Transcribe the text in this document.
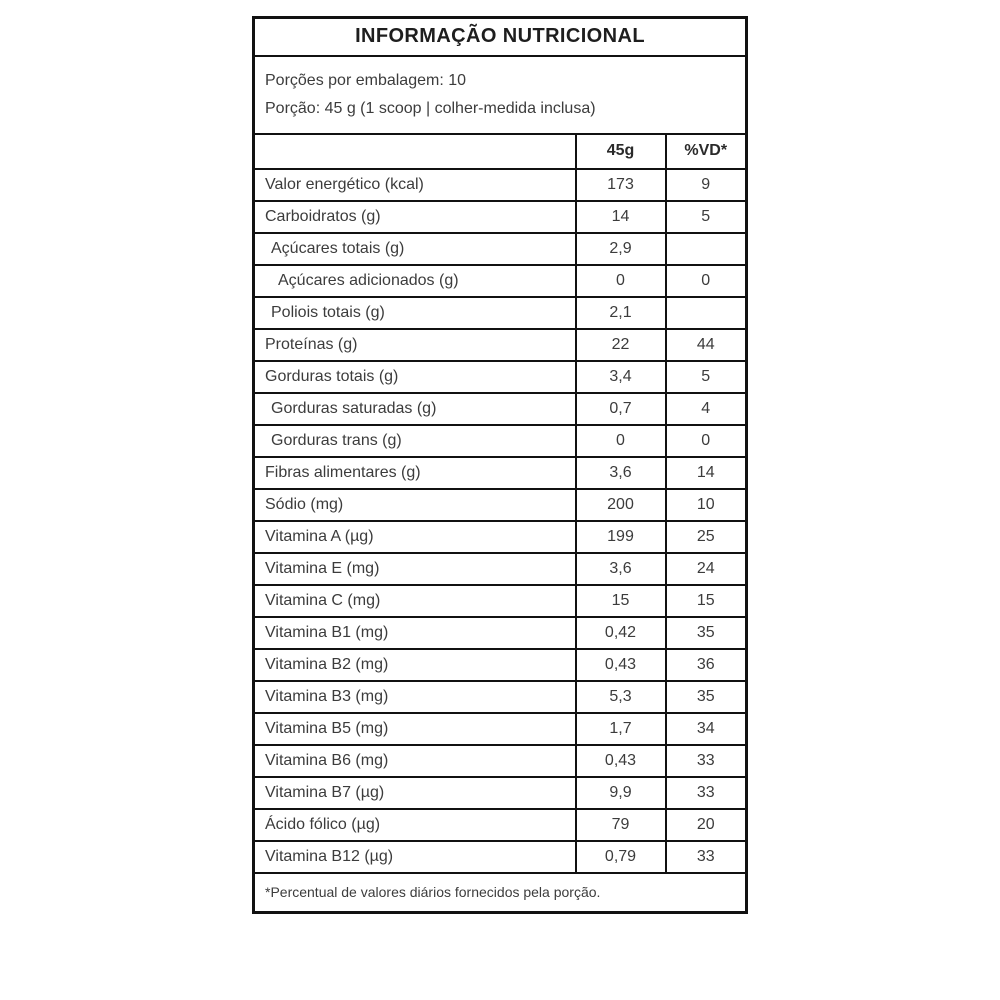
INFORMAÇÃO NUTRICIONAL		

Porções por embalagem: 10
Porção: 45 g (1 scoop | colher-medida inclusa)		

	45g	%VD*
Valor energético (kcal)	173	9
Carboidratos (g)	14	5
Açúcares totais (g)	2,9	
Açúcares adicionados (g)	0	0
Poliois totais (g)	2,1	
Proteínas (g)	22	44
Gorduras totais (g)	3,4	5
Gorduras saturadas (g)	0,7	4
Gorduras trans (g)	0	0
Fibras alimentares (g)	3,6	14
Sódio (mg)	200	10
Vitamina A (µg)	199	25
Vitamina E (mg)	3,6	24
Vitamina C (mg)	15	15
Vitamina B1 (mg)	0,42	35
Vitamina B2 (mg)	0,43	36
Vitamina B3 (mg)	5,3	35
Vitamina B5 (mg)	1,7	34
Vitamina B6 (mg)	0,43	33
Vitamina B7 (µg)	9,9	33
Ácido fólico (µg)	79	20
Vitamina B12 (µg)	0,79	33
*Percentual de valores diários fornecidos pela porção.		
